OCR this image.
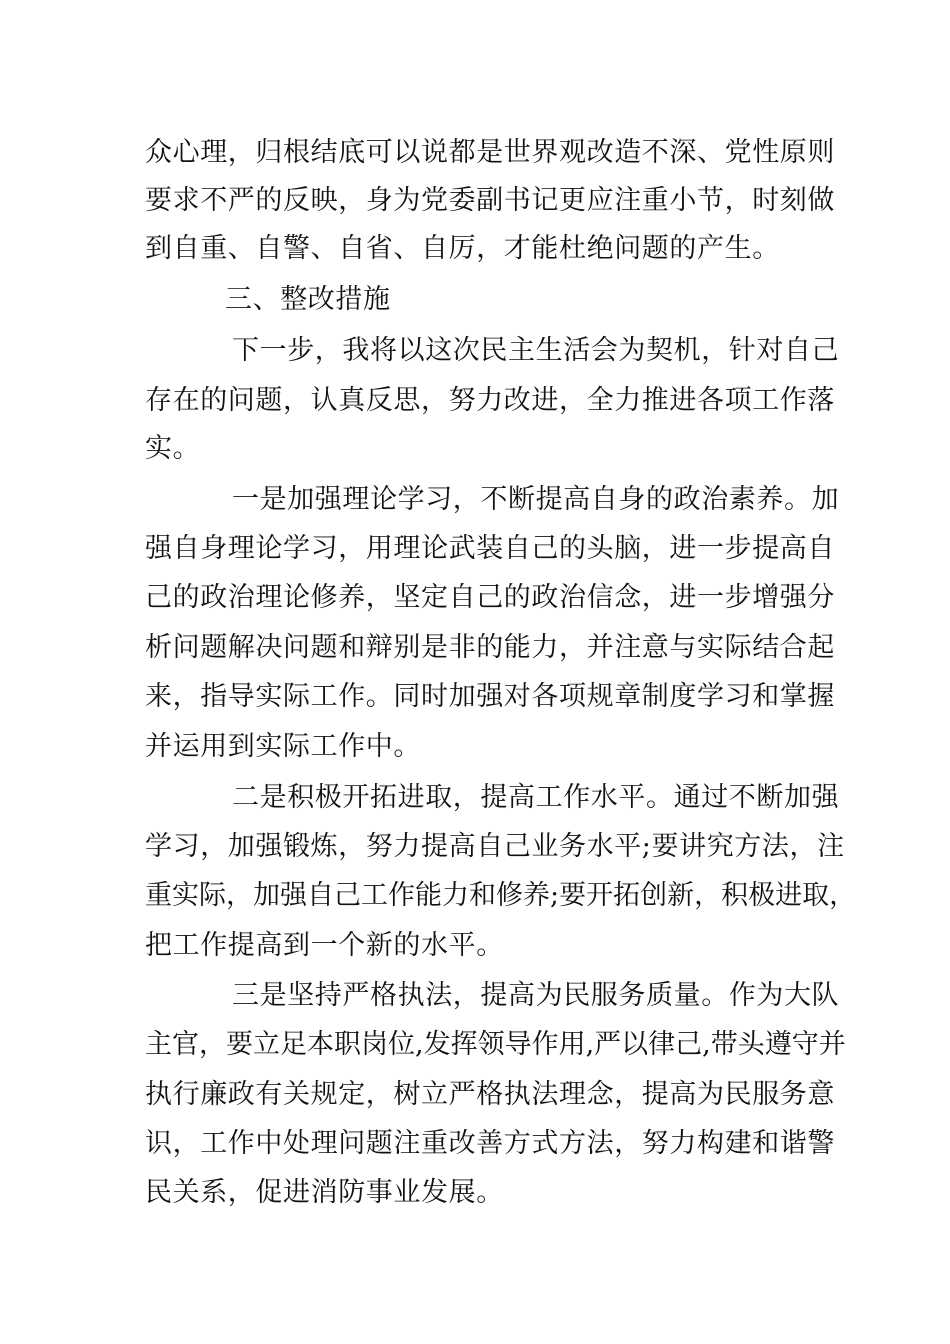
众心理，归根结底可以说都是世界观改造不深、党性原则
要求不严的反映，身为党委副书记更应注重小节，时刻做
到自重、自警、自省、自厉，才能杜绝问题的产生。
三、整改措施
下一步，我将以这次民主生活会为契机，针对自己
存在的问题，认真反思，努力改进，全力推进各项工作落
实。
一是加强理论学习，不断提高自身的政治素养。加
强自身理论学习，用理论武装自己的头脑，进一步提高自
己的政治理论修养，坚定自己的政治信念，进一步增强分
析问题解决问题和辩别是非的能力，并注意与实际结合起
来，指导实际工作。同时加强对各项规章制度学习和掌握
并运用到实际工作中。
二是积极开拓进取，提高工作水平。通过不断加强
学习，加强锻炼，努力提高自己业务水平;要讲究方法，注
重实际，加强自己工作能力和修养;要开拓创新，积极进取，
把工作提高到一个新的水平。
三是坚持严格执法，提高为民服务质量。作为大队
主官，要立足本职岗位,发挥领导作用,严以律己,带头遵守并
执行廉政有关规定，树立严格执法理念，提高为民服务意
识，工作中处理问题注重改善方式方法，努力构建和谐警
民关系，促进消防事业发展。
